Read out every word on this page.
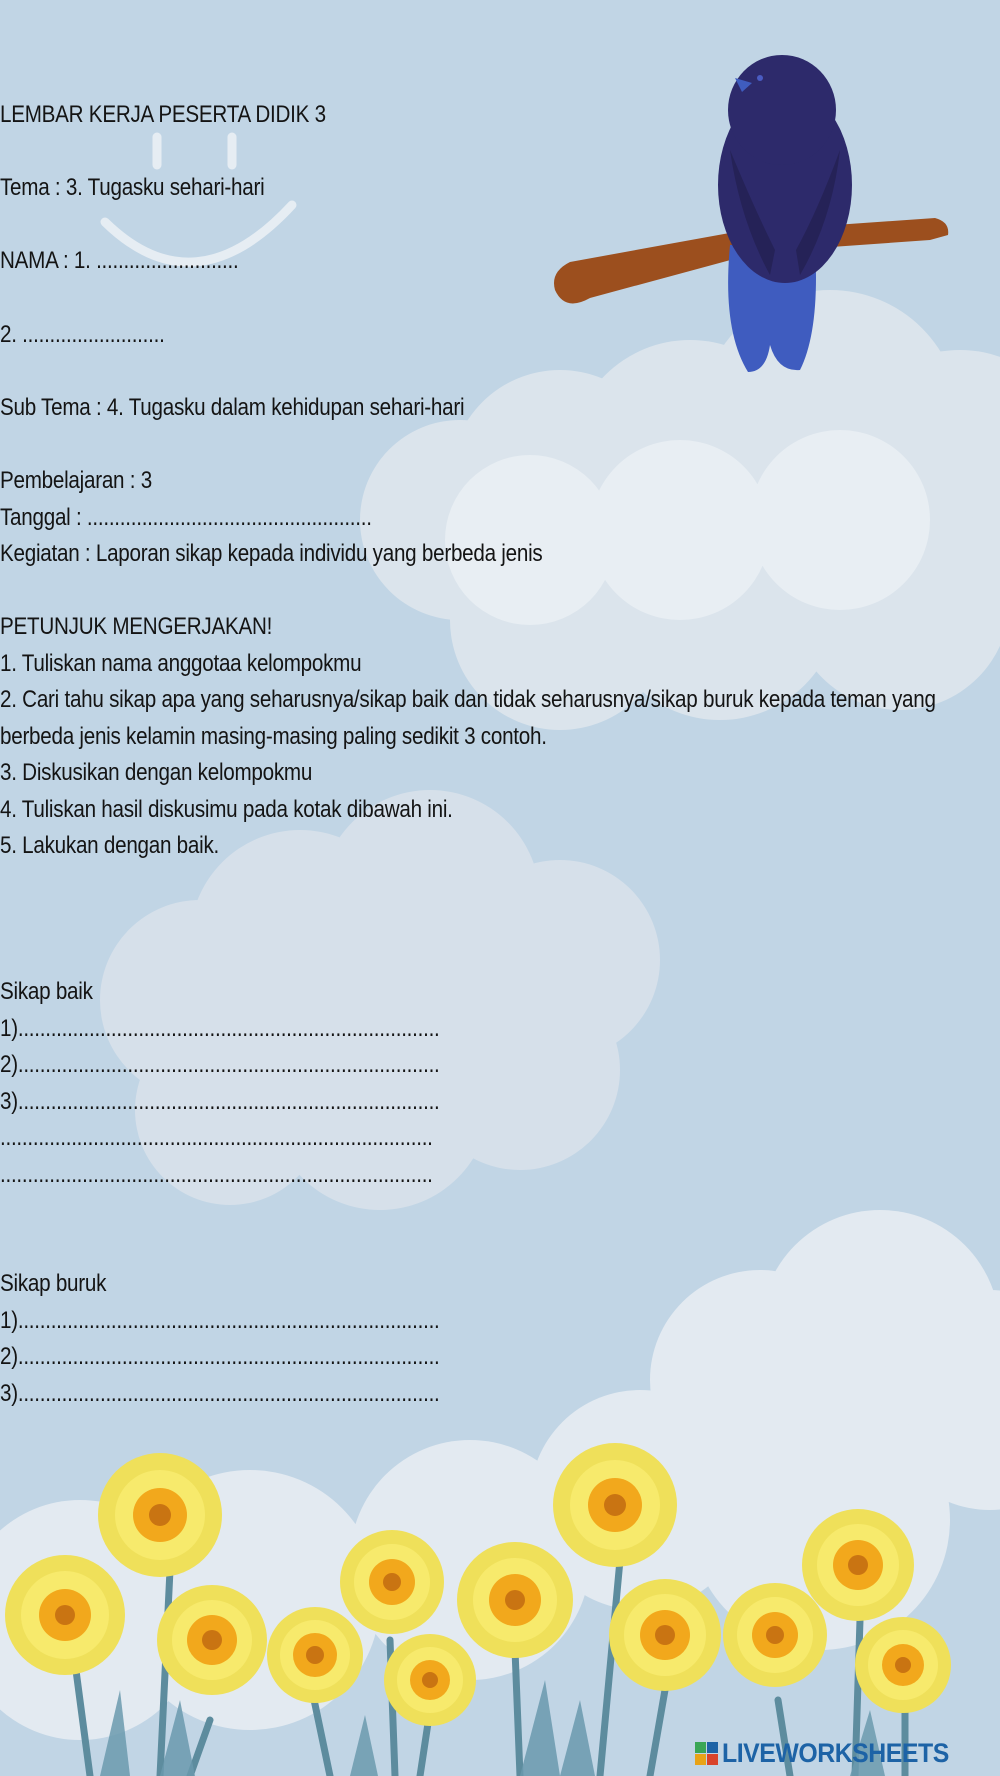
LEMBAR KERJA PESERTA DIDIK 3
Tema : 3. Tugasku sehari-hari
NAMA : 1. ..........................
2. ..........................
Sub Tema : 4. Tugasku dalam kehidupan sehari-hari
Pembelajaran : 3
Tanggal : ....................................................
Kegiatan : Laporan sikap kepada individu yang berbeda jenis
PETUNJUK MENGERJAKAN!
1. Tuliskan nama anggotaa kelompokmu
2. Cari tahu sikap apa yang seharusnya/sikap baik dan tidak seharusnya/sikap buruk kepada teman yang berbeda jenis kelamin masing-masing paling sedikit 3 contoh.
3. Diskusikan dengan kelompokmu
4. Tuliskan hasil diskusimu pada kotak dibawah ini.
5. Lakukan dengan baik.
Sikap baik
1).............................................................................
2).............................................................................
3).............................................................................
...............................................................................
...............................................................................
Sikap buruk
1).............................................................................
2).............................................................................
3).............................................................................
LIVEWORKSHEETS
